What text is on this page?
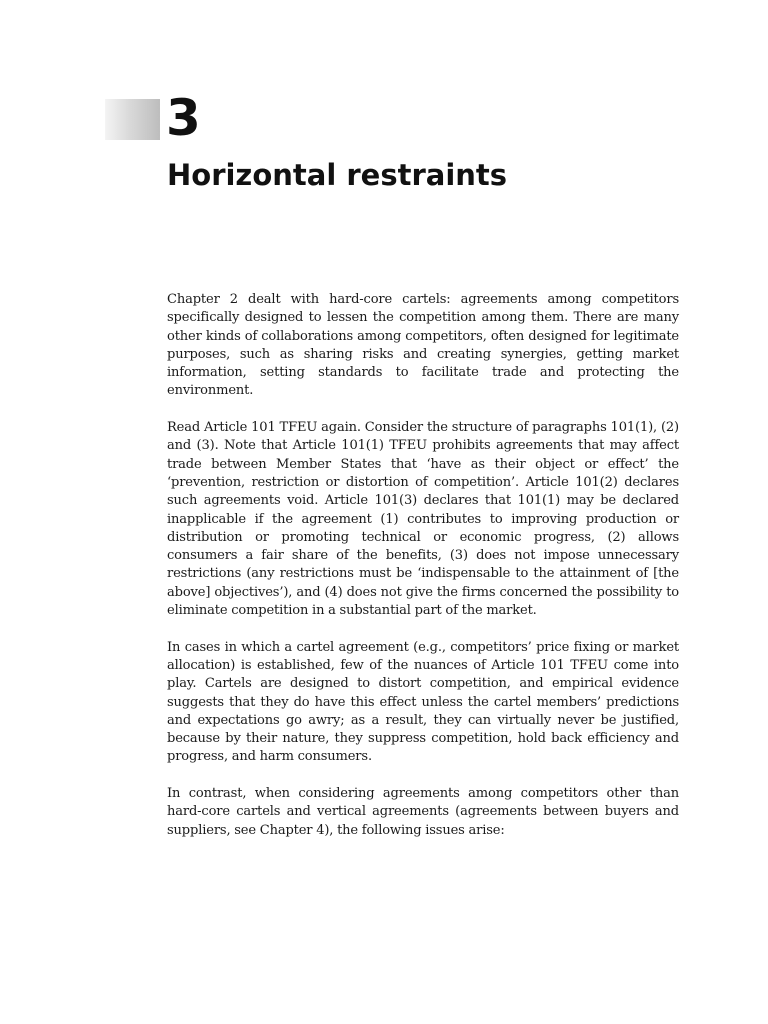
3
Horizontal restraints

Chapter 2 dealt with hard-core cartels: agreements among competitors specifically designed to lessen the competition among them. There are many other kinds of collaborations among competitors, often designed for legitimate purposes, such as sharing risks and creating synergies, getting market information, setting standards to facilitate trade and protecting the environment.

Read Article 101 TFEU again. Consider the structure of paragraphs 101(1), (2) and (3). Note that Article 101(1) TFEU prohibits agreements that may affect trade between Member States that ‘have as their object or effect’ the ‘prevention, restriction or distortion of competition’. Article 101(2) declares such agreements void. Article 101(3) declares that 101(1) may be declared inapplicable if the agreement (1) contributes to improving production or distribution or promoting technical or economic progress, (2) allows consumers a fair share of the benefits, (3) does not impose unnecessary restrictions (any restrictions must be ‘indispensable to the attainment of [the above] objectives’), and (4) does not give the firms concerned the possibility to eliminate competition in a substantial part of the market.

In cases in which a cartel agreement (e.g., competitors’ price fixing or market allocation) is established, few of the nuances of Article 101 TFEU come into play. Cartels are designed to distort competition, and empirical evidence suggests that they do have this effect unless the cartel members’ predictions and expectations go awry; as a result, they can virtually never be justified, because by their nature, they suppress competition, hold back efficiency and progress, and harm consumers.

In contrast, when considering agreements among competitors other than hard-core cartels and vertical agreements (agreements between buyers and suppliers, see Chapter 4), the following issues arise:
